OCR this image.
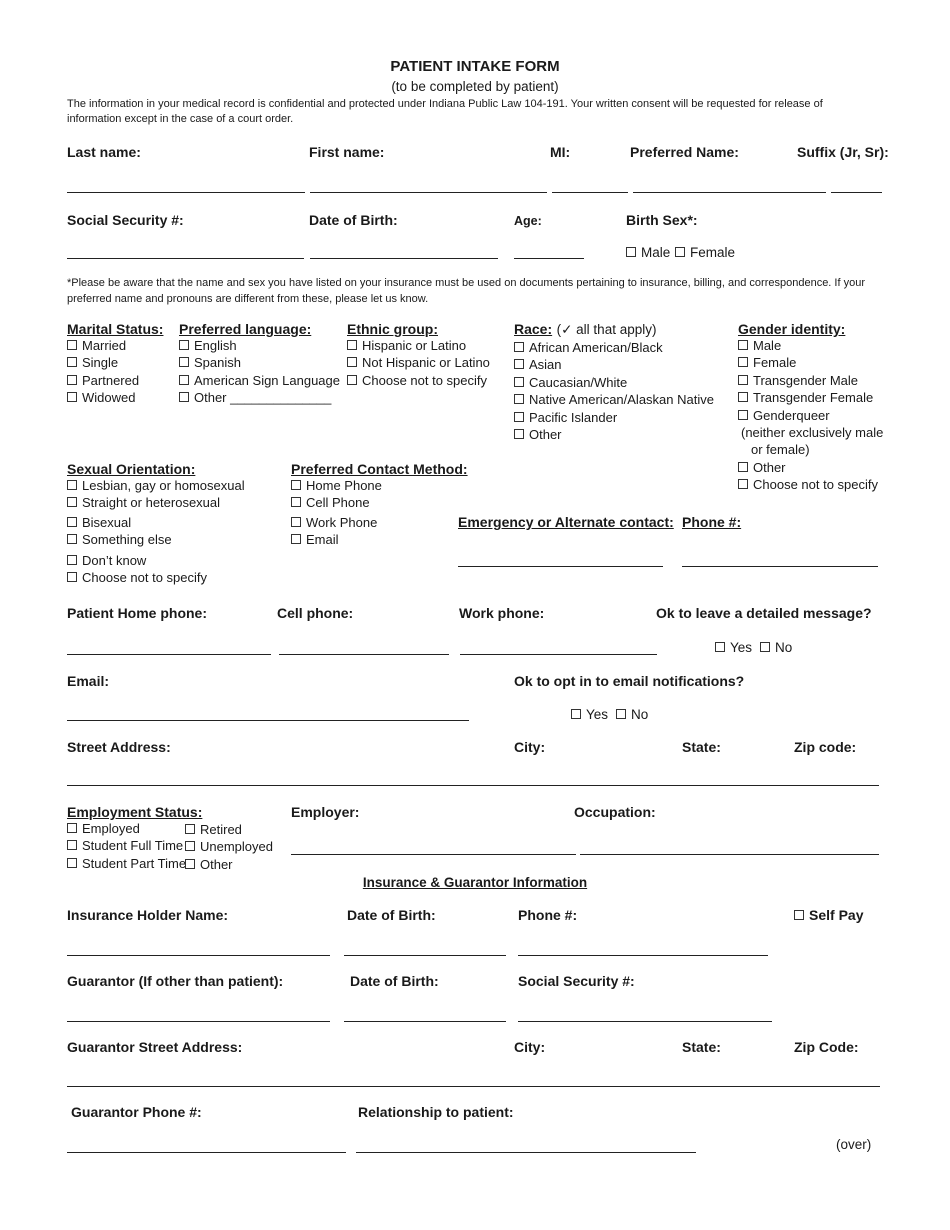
PATIENT INTAKE FORM
(to be completed by patient)
The information in your medical record is confidential and protected under Indiana Public Law 104-191. Your written consent will be requested for release of information except in the case of a court order.
Last name:	First name:	MI:	Preferred Name:	Suffix (Jr, Sr):
Social Security #:	Date of Birth:	Age:	Birth Sex*:
Male	Female
*Please be aware that the name and sex you have listed on your insurance must be used on documents pertaining to insurance, billing, and correspondence. If your preferred name and pronouns are different from these, please let us know.
Marital Status:
Married
Single
Partnered
Widowed
Preferred language:
English
Spanish
American Sign Language
Other ______________
Ethnic group:
Hispanic or Latino
Not Hispanic or Latino
Choose not to specify
Race: (✓ all that apply)
African American/Black
Asian
Caucasian/White
Native American/Alaskan Native
Pacific Islander
Other
Gender identity:
Male
Female
Transgender Male
Transgender Female
Genderqueer
(neither exclusively male
or female)
Other
Choose not to specify
Sexual Orientation:
Lesbian, gay or homosexual
Straight or heterosexual
Bisexual
Something else
Don’t know
Choose not to specify
Preferred Contact Method:
Home Phone
Cell Phone
Work Phone
Email
Emergency or Alternate contact: Phone #:
Patient Home phone:	Cell phone:	Work phone:	Ok to leave a detailed message?
Yes	No
Email:	Ok to opt in to email notifications?
Yes	No
Street Address:	City:	State:	Zip code:
Employment Status:
Employed
Student Full Time
Student Part Time
Retired
Unemployed
Other
Employer:	Occupation:
Insurance & Guarantor Information
Insurance Holder Name:	Date of Birth:	Phone #:	Self Pay
Guarantor (If other than patient):	Date of Birth:	Social Security #:
Guarantor Street Address:	City:	State:	Zip Code:
Guarantor Phone #:	Relationship to patient:
(over)
